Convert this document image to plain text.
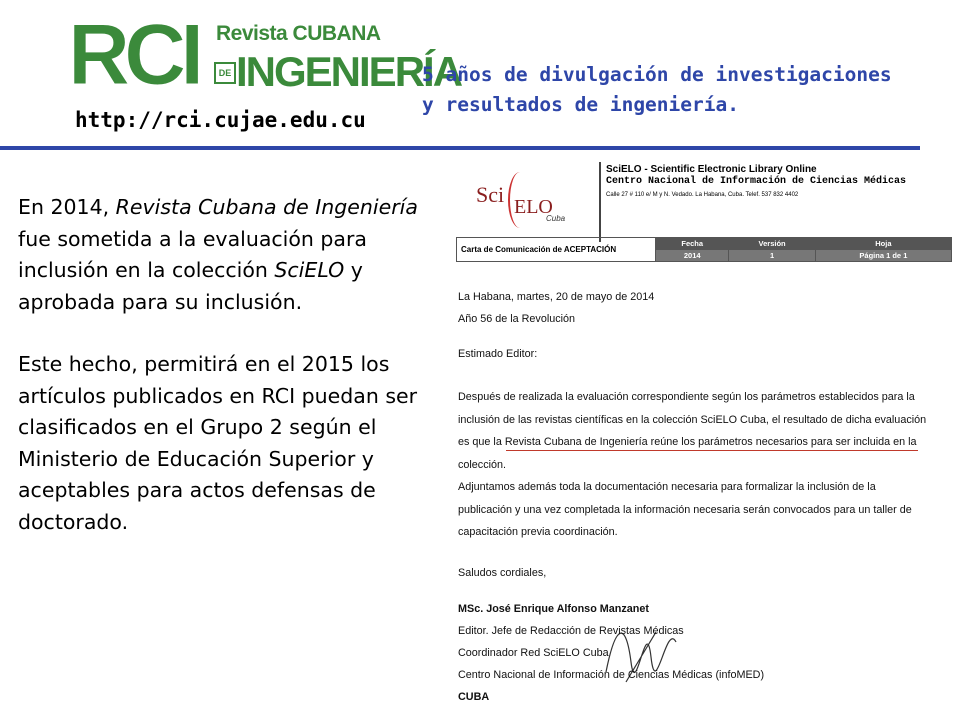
RCI Revista CUBANA
DE INGENIERÍA
http://rci.cujae.edu.cu
5 años de divulgación de investigaciones
y resultados de ingeniería.

En 2014, Revista Cubana de Ingeniería fue sometida a la evaluación para inclusión en la colección SciELO y aprobada para su inclusión.

Este hecho, permitirá en el 2015 los artículos publicados en RCI puedan ser clasificados en el Grupo 2 según el Ministerio de Educación Superior y aceptables para actos defensas de doctorado.

Sci ELO
Cuba
SciELO - Scientific Electronic Library Online
Centro Nacional de Información de Ciencias Médicas
Calle 27 # 110 e/ M y N. Vedado. La Habana, Cuba. Telef. 537 832 4402
Carta de Comunicación de ACEPTACIÓN	Fecha	Versión	Hoja
	2014	1	Página 1 de 1
La Habana, martes, 20 de mayo de 2014
Año 56 de la Revolución
Estimado Editor:

Después de realizada la evaluación correspondiente según los parámetros establecidos para la

inclusión de las revistas científicas en la colección SciELO Cuba, el resultado de dicha evaluación

es que la Revista Cubana de Ingeniería reúne los parámetros necesarios para ser incluida en la

colección.

Adjuntamos además toda la documentación necesaria para formalizar la inclusión de la

publicación y una vez completada la información necesaria serán convocados para un taller de

capacitación previa coordinación.

Saludos cordiales,
MSc. José Enrique Alfonso Manzanet
Editor. Jefe de Redacción de Revistas Médicas
Coordinador Red SciELO Cuba
Centro Nacional de Información de Ciencias Médicas (infoMED)
CUBA
